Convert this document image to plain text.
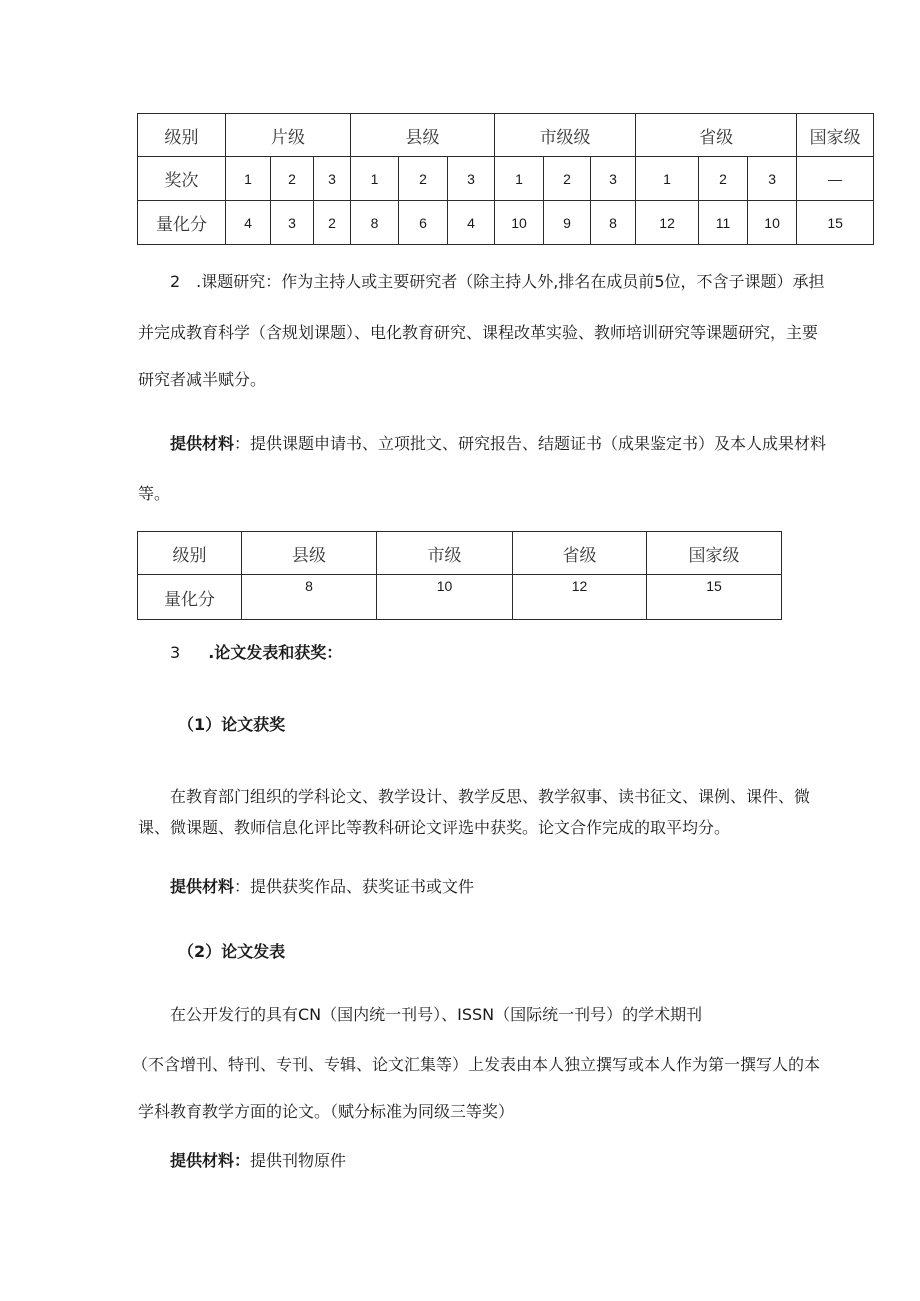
级别	片级			县级			市级级			省级			国家级
奖次	1	2	3	1	2	3	1	2	3	1	2	3	—
量化分	4	3	2	8	6	4	10	9	8	12	11	10	15
2　.课题研究：作为主持人或主要研究者（除主持人外,排名在成员前5位，不含子课题）承担
并完成教育科学（含规划课题）、电化教育研究、课程改革实验、教师培训研究等课题研究，主要
研究者减半赋分。
提供材料：提供课题申请书、立项批文、研究报告、结题证书（成果鉴定书）及本人成果材料
等。
级别	县级	市级	省级	国家级
量化分	8	10	12	15
3 .论文发表和获奖：
（1）论文获奖
在教育部门组织的学科论文、教学设计、教学反思、教学叙事、读书征文、课例、课件、微
课、微课题、教师信息化评比等教科研论文评选中获奖。论文合作完成的取平均分。
提供材料：提供获奖作品、获奖证书或文件
（2）论文发表
在公开发行的具有CN（国内统一刊号）、ISSN（国际统一刊号）的学术期刊
（不含增刊、特刊、专刊、专辑、论文汇集等）上发表由本人独立撰写或本人作为第一撰写人的本
学科教育教学方面的论文。（赋分标准为同级三等奖）
提供材料：提供刊物原件
